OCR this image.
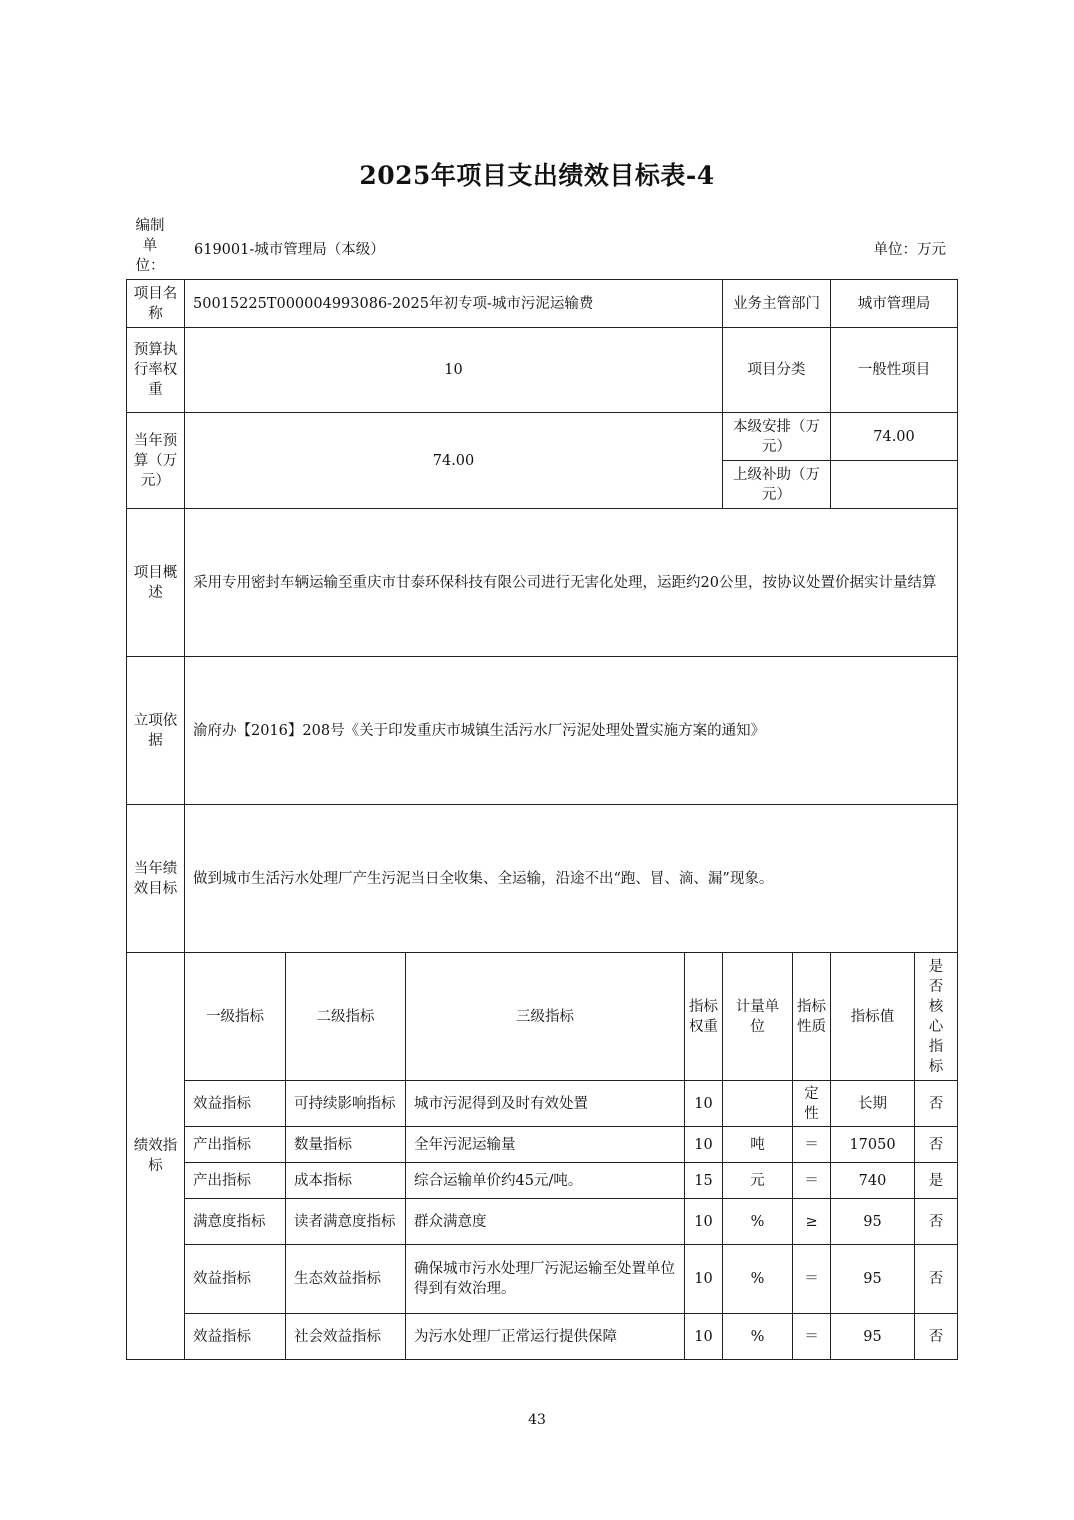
2025年项目支出绩效目标表-4
编制单位：
619001-城市管理局（本级）	单位：万元
项目名称	50015225T000004993086-2025年初专项-城市污泥运输费				业务主管部门		城市管理局	
预算执行率权重	10				项目分类		一般性项目	
当年预算（万元）	74.00				本级安排（万元）		74.00	
					上级补助（万元）			
项目概述	采用专用密封车辆运输至重庆市甘泰环保科技有限公司进行无害化处理，运距约20公里，按协议处置价据实计量结算							
立项依据	渝府办【2016】208号《关于印发重庆市城镇生活污水厂污泥处理处置实施方案的通知》							
当年绩效目标	做到城市生活污水处理厂产生污泥当日全收集、全运输，沿途不出“跑、冒、滴、漏”现象。							
绩效指标	一级指标	二级指标	三级指标	指标权重	计量单位	指标性质	指标值	是否核心指标
	效益指标	可持续影响指标	城市污泥得到及时有效处置	10		定性	长期	否
	产出指标	数量指标	全年污泥运输量	10	吨	＝	17050	否
	产出指标	成本指标	综合运输单价约45元/吨。	15	元	＝	740	是
	满意度指标	读者满意度指标	群众满意度	10	%	≥	95	否
	效益指标	生态效益指标	确保城市污水处理厂污泥运输至处置单位得到有效治理。	10	%	＝	95	否
	效益指标	社会效益指标	为污水处理厂正常运行提供保障	10	%	＝	95	否
43
